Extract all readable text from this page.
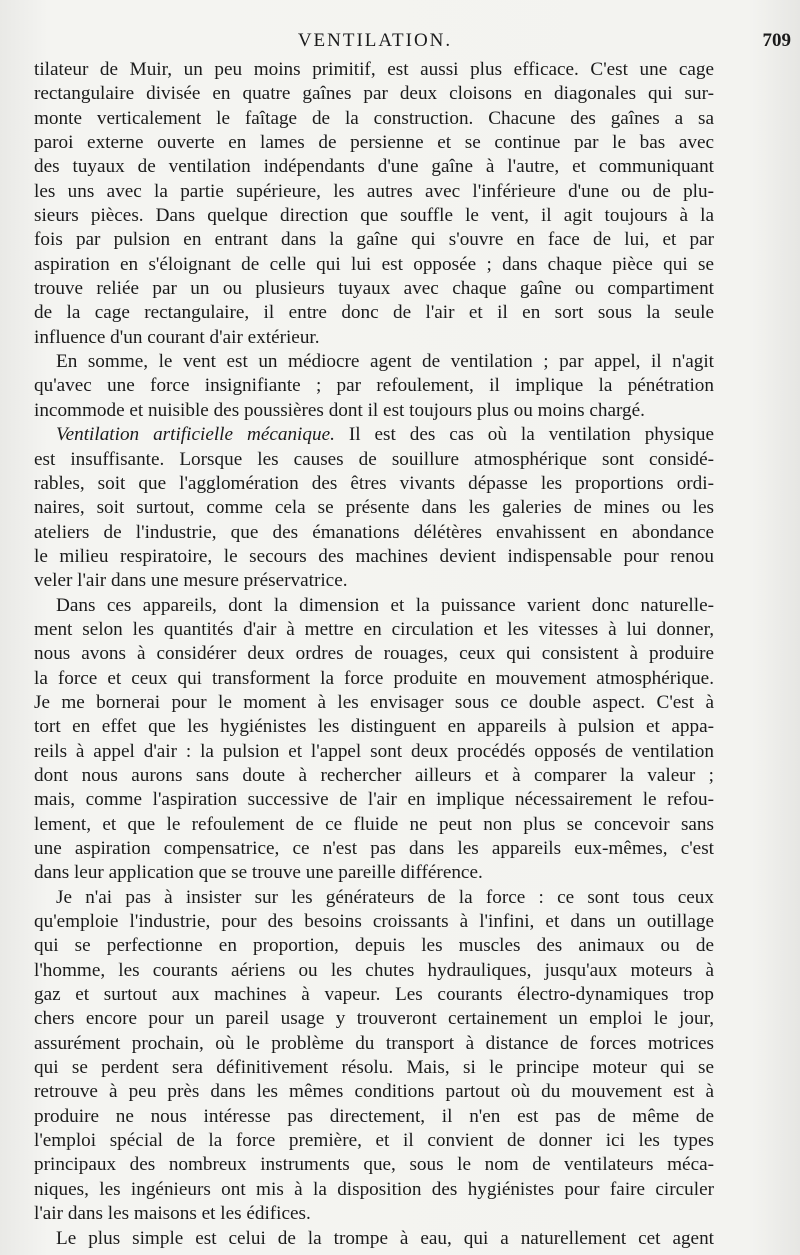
VENTILATION.	709
tilateur de Muir, un peu moins primitif, est aussi plus efficace. C'est une cage
rectangulaire divisée en quatre gaînes par deux cloisons en diagonales qui sur-
monte verticalement le faîtage de la construction. Chacune des gaînes a sa
paroi externe ouverte en lames de persienne et se continue par le bas avec
des tuyaux de ventilation indépendants d'une gaîne à l'autre, et communiquant
les uns avec la partie supérieure, les autres avec l'inférieure d'une ou de plu-
sieurs pièces. Dans quelque direction que souffle le vent, il agit toujours à la
fois par pulsion en entrant dans la gaîne qui s'ouvre en face de lui, et par
aspiration en s'éloignant de celle qui lui est opposée ; dans chaque pièce qui se
trouve reliée par un ou plusieurs tuyaux avec chaque gaîne ou compartiment
de la cage rectangulaire, il entre donc de l'air et il en sort sous la seule
influence d'un courant d'air extérieur.
En somme, le vent est un médiocre agent de ventilation ; par appel, il n'agit
qu'avec une force insignifiante ; par refoulement, il implique la pénétration
incommode et nuisible des poussières dont il est toujours plus ou moins chargé.
Ventilation artificielle mécanique. Il est des cas où la ventilation physique
est insuffisante. Lorsque les causes de souillure atmosphérique sont considé-
rables, soit que l'agglomération des êtres vivants dépasse les proportions ordi-
naires, soit surtout, comme cela se présente dans les galeries de mines ou les
ateliers de l'industrie, que des émanations délétères envahissent en abondance
le milieu respiratoire, le secours des machines devient indispensable pour renou
veler l'air dans une mesure préservatrice.
Dans ces appareils, dont la dimension et la puissance varient donc naturelle-
ment selon les quantités d'air à mettre en circulation et les vitesses à lui donner,
nous avons à considérer deux ordres de rouages, ceux qui consistent à produire
la force et ceux qui transforment la force produite en mouvement atmosphérique.
Je me bornerai pour le moment à les envisager sous ce double aspect. C'est à
tort en effet que les hygiénistes les distinguent en appareils à pulsion et appa-
reils à appel d'air : la pulsion et l'appel sont deux procédés opposés de ventilation
dont nous aurons sans doute à rechercher ailleurs et à comparer la valeur ;
mais, comme l'aspiration successive de l'air en implique nécessairement le refou-
lement, et que le refoulement de ce fluide ne peut non plus se concevoir sans
une aspiration compensatrice, ce n'est pas dans les appareils eux-mêmes, c'est
dans leur application que se trouve une pareille différence.
Je n'ai pas à insister sur les générateurs de la force : ce sont tous ceux
qu'emploie l'industrie, pour des besoins croissants à l'infini, et dans un outillage
qui se perfectionne en proportion, depuis les muscles des animaux ou de
l'homme, les courants aériens ou les chutes hydrauliques, jusqu'aux moteurs à
gaz et surtout aux machines à vapeur. Les courants électro-dynamiques trop
chers encore pour un pareil usage y trouveront certainement un emploi le jour,
assurément prochain, où le problème du transport à distance de forces motrices
qui se perdent sera définitivement résolu. Mais, si le principe moteur qui se
retrouve à peu près dans les mêmes conditions partout où du mouvement est à
produire ne nous intéresse pas directement, il n'en est pas de même de
l'emploi spécial de la force première, et il convient de donner ici les types
principaux des nombreux instruments que, sous le nom de ventilateurs méca-
niques, les ingénieurs ont mis à la disposition des hygiénistes pour faire circuler
l'air dans les maisons et les édifices.
Le plus simple est celui de la trompe à eau, qui a naturellement cet agent
